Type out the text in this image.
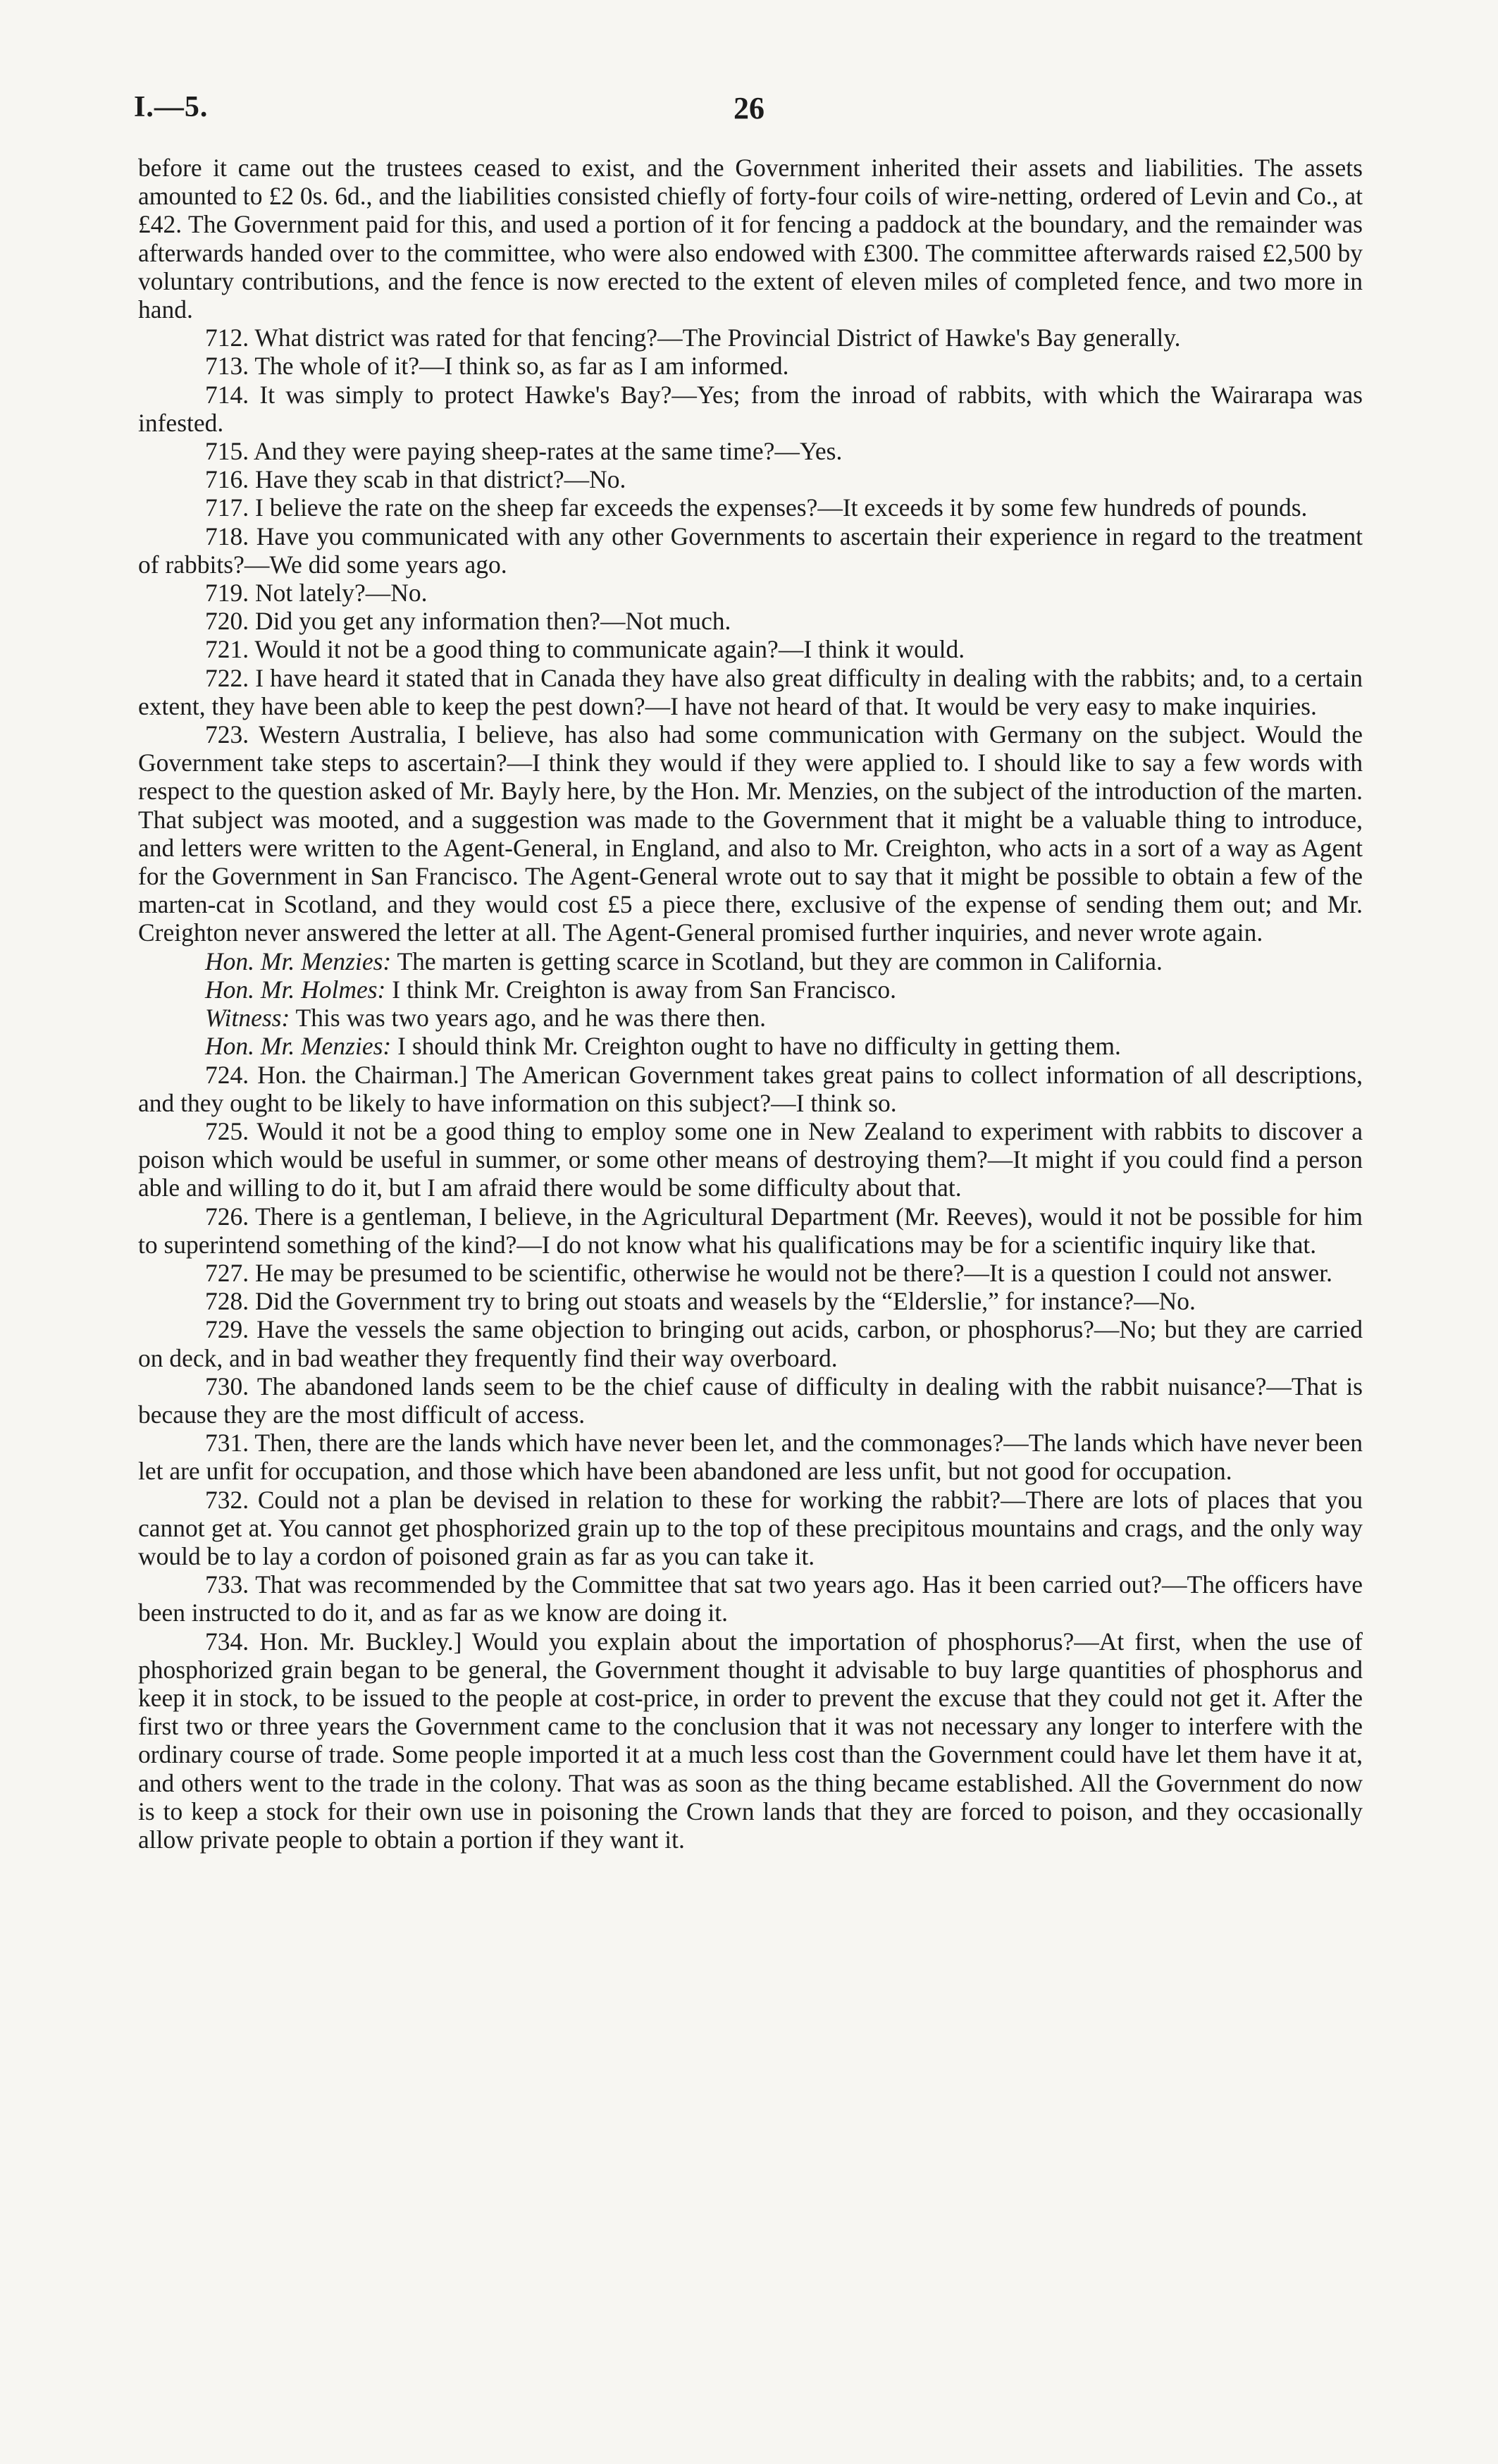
I.—5.	26

before it came out the trustees ceased to exist, and the Government inherited their assets and liabilities. The assets amounted to £2 0s. 6d., and the liabilities consisted chiefly of forty-four coils of wire-netting, ordered of Levin and Co., at £42. The Government paid for this, and used a portion of it for fencing a paddock at the boundary, and the remainder was afterwards handed over to the committee, who were also endowed with £300. The committee afterwards raised £2,500 by voluntary contributions, and the fence is now erected to the extent of eleven miles of completed fence, and two more in hand.

712. What district was rated for that fencing?—The Provincial District of Hawke's Bay generally.

713. The whole of it?—I think so, as far as I am informed.

714. It was simply to protect Hawke's Bay?—Yes; from the inroad of rabbits, with which the Wairarapa was infested.

715. And they were paying sheep-rates at the same time?—Yes.

716. Have they scab in that district?—No.

717. I believe the rate on the sheep far exceeds the expenses?—It exceeds it by some few hundreds of pounds.

718. Have you communicated with any other Governments to ascertain their experience in regard to the treatment of rabbits?—We did some years ago.

719. Not lately?—No.

720. Did you get any information then?—Not much.

721. Would it not be a good thing to communicate again?—I think it would.

722. I have heard it stated that in Canada they have also great difficulty in dealing with the rabbits; and, to a certain extent, they have been able to keep the pest down?—I have not heard of that. It would be very easy to make inquiries.

723. Western Australia, I believe, has also had some communication with Germany on the subject. Would the Government take steps to ascertain?—I think they would if they were applied to. I should like to say a few words with respect to the question asked of Mr. Bayly here, by the Hon. Mr. Menzies, on the subject of the introduction of the marten. That subject was mooted, and a suggestion was made to the Government that it might be a valuable thing to introduce, and letters were written to the Agent-General, in England, and also to Mr. Creighton, who acts in a sort of a way as Agent for the Government in San Francisco. The Agent-General wrote out to say that it might be possible to obtain a few of the marten-cat in Scotland, and they would cost £5 a piece there, exclusive of the expense of sending them out; and Mr. Creighton never answered the letter at all. The Agent-General promised further inquiries, and never wrote again.

Hon. Mr. Menzies: The marten is getting scarce in Scotland, but they are common in California.

Hon. Mr. Holmes: I think Mr. Creighton is away from San Francisco.

Witness: This was two years ago, and he was there then.

Hon. Mr. Menzies: I should think Mr. Creighton ought to have no difficulty in getting them.

724. Hon. the Chairman.] The American Government takes great pains to collect information of all descriptions, and they ought to be likely to have information on this subject?—I think so.

725. Would it not be a good thing to employ some one in New Zealand to experiment with rabbits to discover a poison which would be useful in summer, or some other means of destroying them?—It might if you could find a person able and willing to do it, but I am afraid there would be some difficulty about that.

726. There is a gentleman, I believe, in the Agricultural Department (Mr. Reeves), would it not be possible for him to superintend something of the kind?—I do not know what his qualifications may be for a scientific inquiry like that.

727. He may be presumed to be scientific, otherwise he would not be there?—It is a question I could not answer.

728. Did the Government try to bring out stoats and weasels by the “Eldersl​ie,” for instance?—No.

729. Have the vessels the same objection to bringing out acids, carbon, or phosphorus?—No; but they are carried on deck, and in bad weather they frequently find their way overboard.

730. The abandoned lands seem to be the chief cause of difficulty in dealing with the rabbit nuisance?—That is because they are the most difficult of access.

731. Then, there are the lands which have never been let, and the commonages?—The lands which have never been let are unfit for occupation, and those which have been abandoned are less unfit, but not good for occupation.

732. Could not a plan be devised in relation to these for working the rabbit?—There are lots of places that you cannot get at. You cannot get phosphorized grain up to the top of these precipitous mountains and crags, and the only way would be to lay a cordon of poisoned grain as far as you can take it.

733. That was recommended by the Committee that sat two years ago. Has it been carried out?—The officers have been instructed to do it, and as far as we know are doing it.

734. Hon. Mr. Buckley.] Would you explain about the importation of phosphorus?—At first, when the use of phosphorized grain began to be general, the Government thought it advisable to buy large quantities of phosphorus and keep it in stock, to be issued to the people at cost-price, in order to prevent the excuse that they could not get it. After the first two or three years the Government came to the conclusion that it was not necessary any longer to interfere with the ordinary course of trade. Some people imported it at a much less cost than the Government could have let them have it at, and others went to the trade in the colony. That was as soon as the thing became established. All the Government do now is to keep a stock for their own use in poisoning the Crown lands that they are forced to poison, and they occasionally allow private people to obtain a portion if they want it.
